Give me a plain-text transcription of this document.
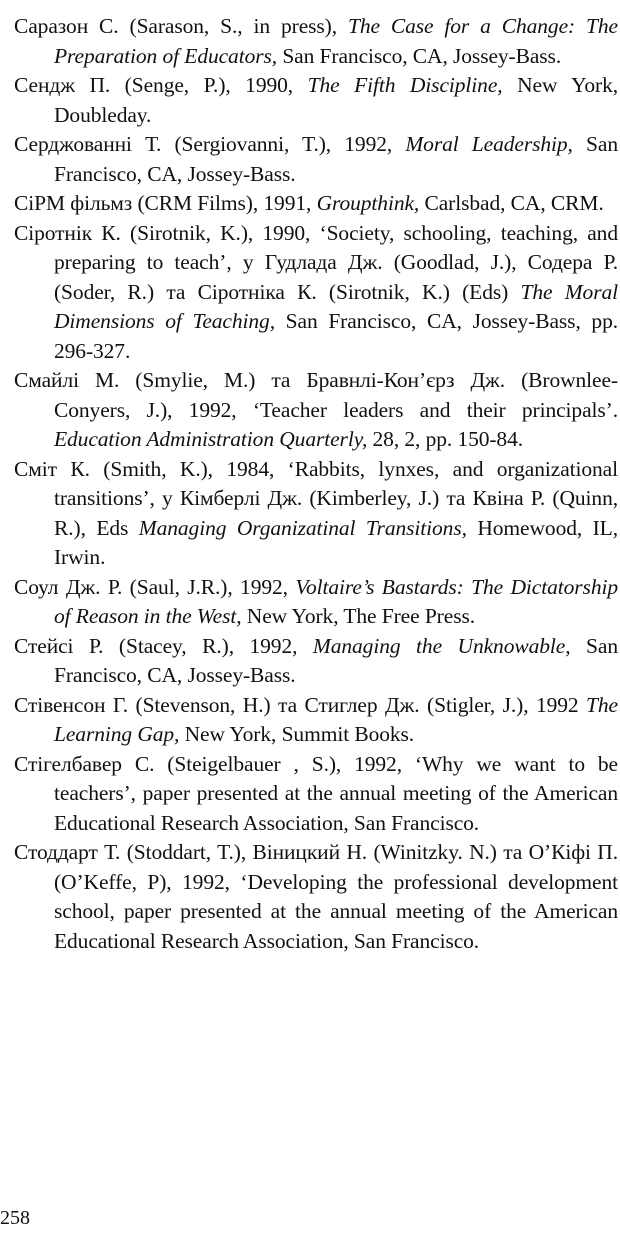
Саразон С. (Sarason, S., in press), The Case for a Change: The Preparation of Educators, San Francisco, CA, Jossey-Bass.

Сендж П. (Senge, P.), 1990, The Fifth Discipline, New York, Doubleday.

Серджованні Т. (Sergiovanni, T.), 1992, Moral Leadership, San Francisco, CA, Jossey-Bass.

СіРМ фільмз (CRM Films), 1991, Groupthink, Carlsbad, CA, CRM.

Сіротнік К. (Sirotnik, K.), 1990, ‘Society, schooling, teaching, and preparing to teach’, у Гудлада Дж. (Goodlad, J.), Содера Р. (Soder, R.) та Сіротніка К. (Sirotnik, K.) (Eds) The Moral Dimensions of Teaching, San Francisco, CA, Jossey-Bass, pp. 296-327.

Смайлі М. (Smylie, M.) та Бравнлі-Кон’єрз Дж. (Brownlee-Conyers, J.), 1992, ‘Teacher leaders and their principals’. Education Administration Quarterly, 28, 2, pp. 150-84.

Сміт К. (Smith, K.), 1984, ‘Rabbits, lynxes, and organizational transitions’, у Кімберлі Дж. (Kimberley, J.) та Квіна Р. (Quinn, R.), Eds Managing Organizatinal Transitions, Homewood, IL, Irwin.

Соул Дж. Р. (Saul, J.R.), 1992, Voltaire’s Bastards: The Dictatorship of Reason in the West, New York, The Free Press.

Стейсі Р. (Stacey, R.), 1992, Managing the Unknowable, San Francisco, CA, Jossey-Bass.

Стівенсон Г. (Stevenson, H.) та Стиглер Дж. (Stigler, J.), 1992 The Learning Gap, New York, Summit Books.

Стігелбавер С. (Steigelbauer , S.), 1992, ‘Why we want to be teachers’, paper presented at the annual meeting of the American Educational Research Association, San Francisco.

Стоддарт Т. (Stoddart, T.), Віницкий Н. (Winitzky. N.) та О’Кіфі П. (O’Keffe, P), 1992, ‘Developing the professional development school, paper presented at the annual meeting of the American Educational Research Association, San Francisco.

258
